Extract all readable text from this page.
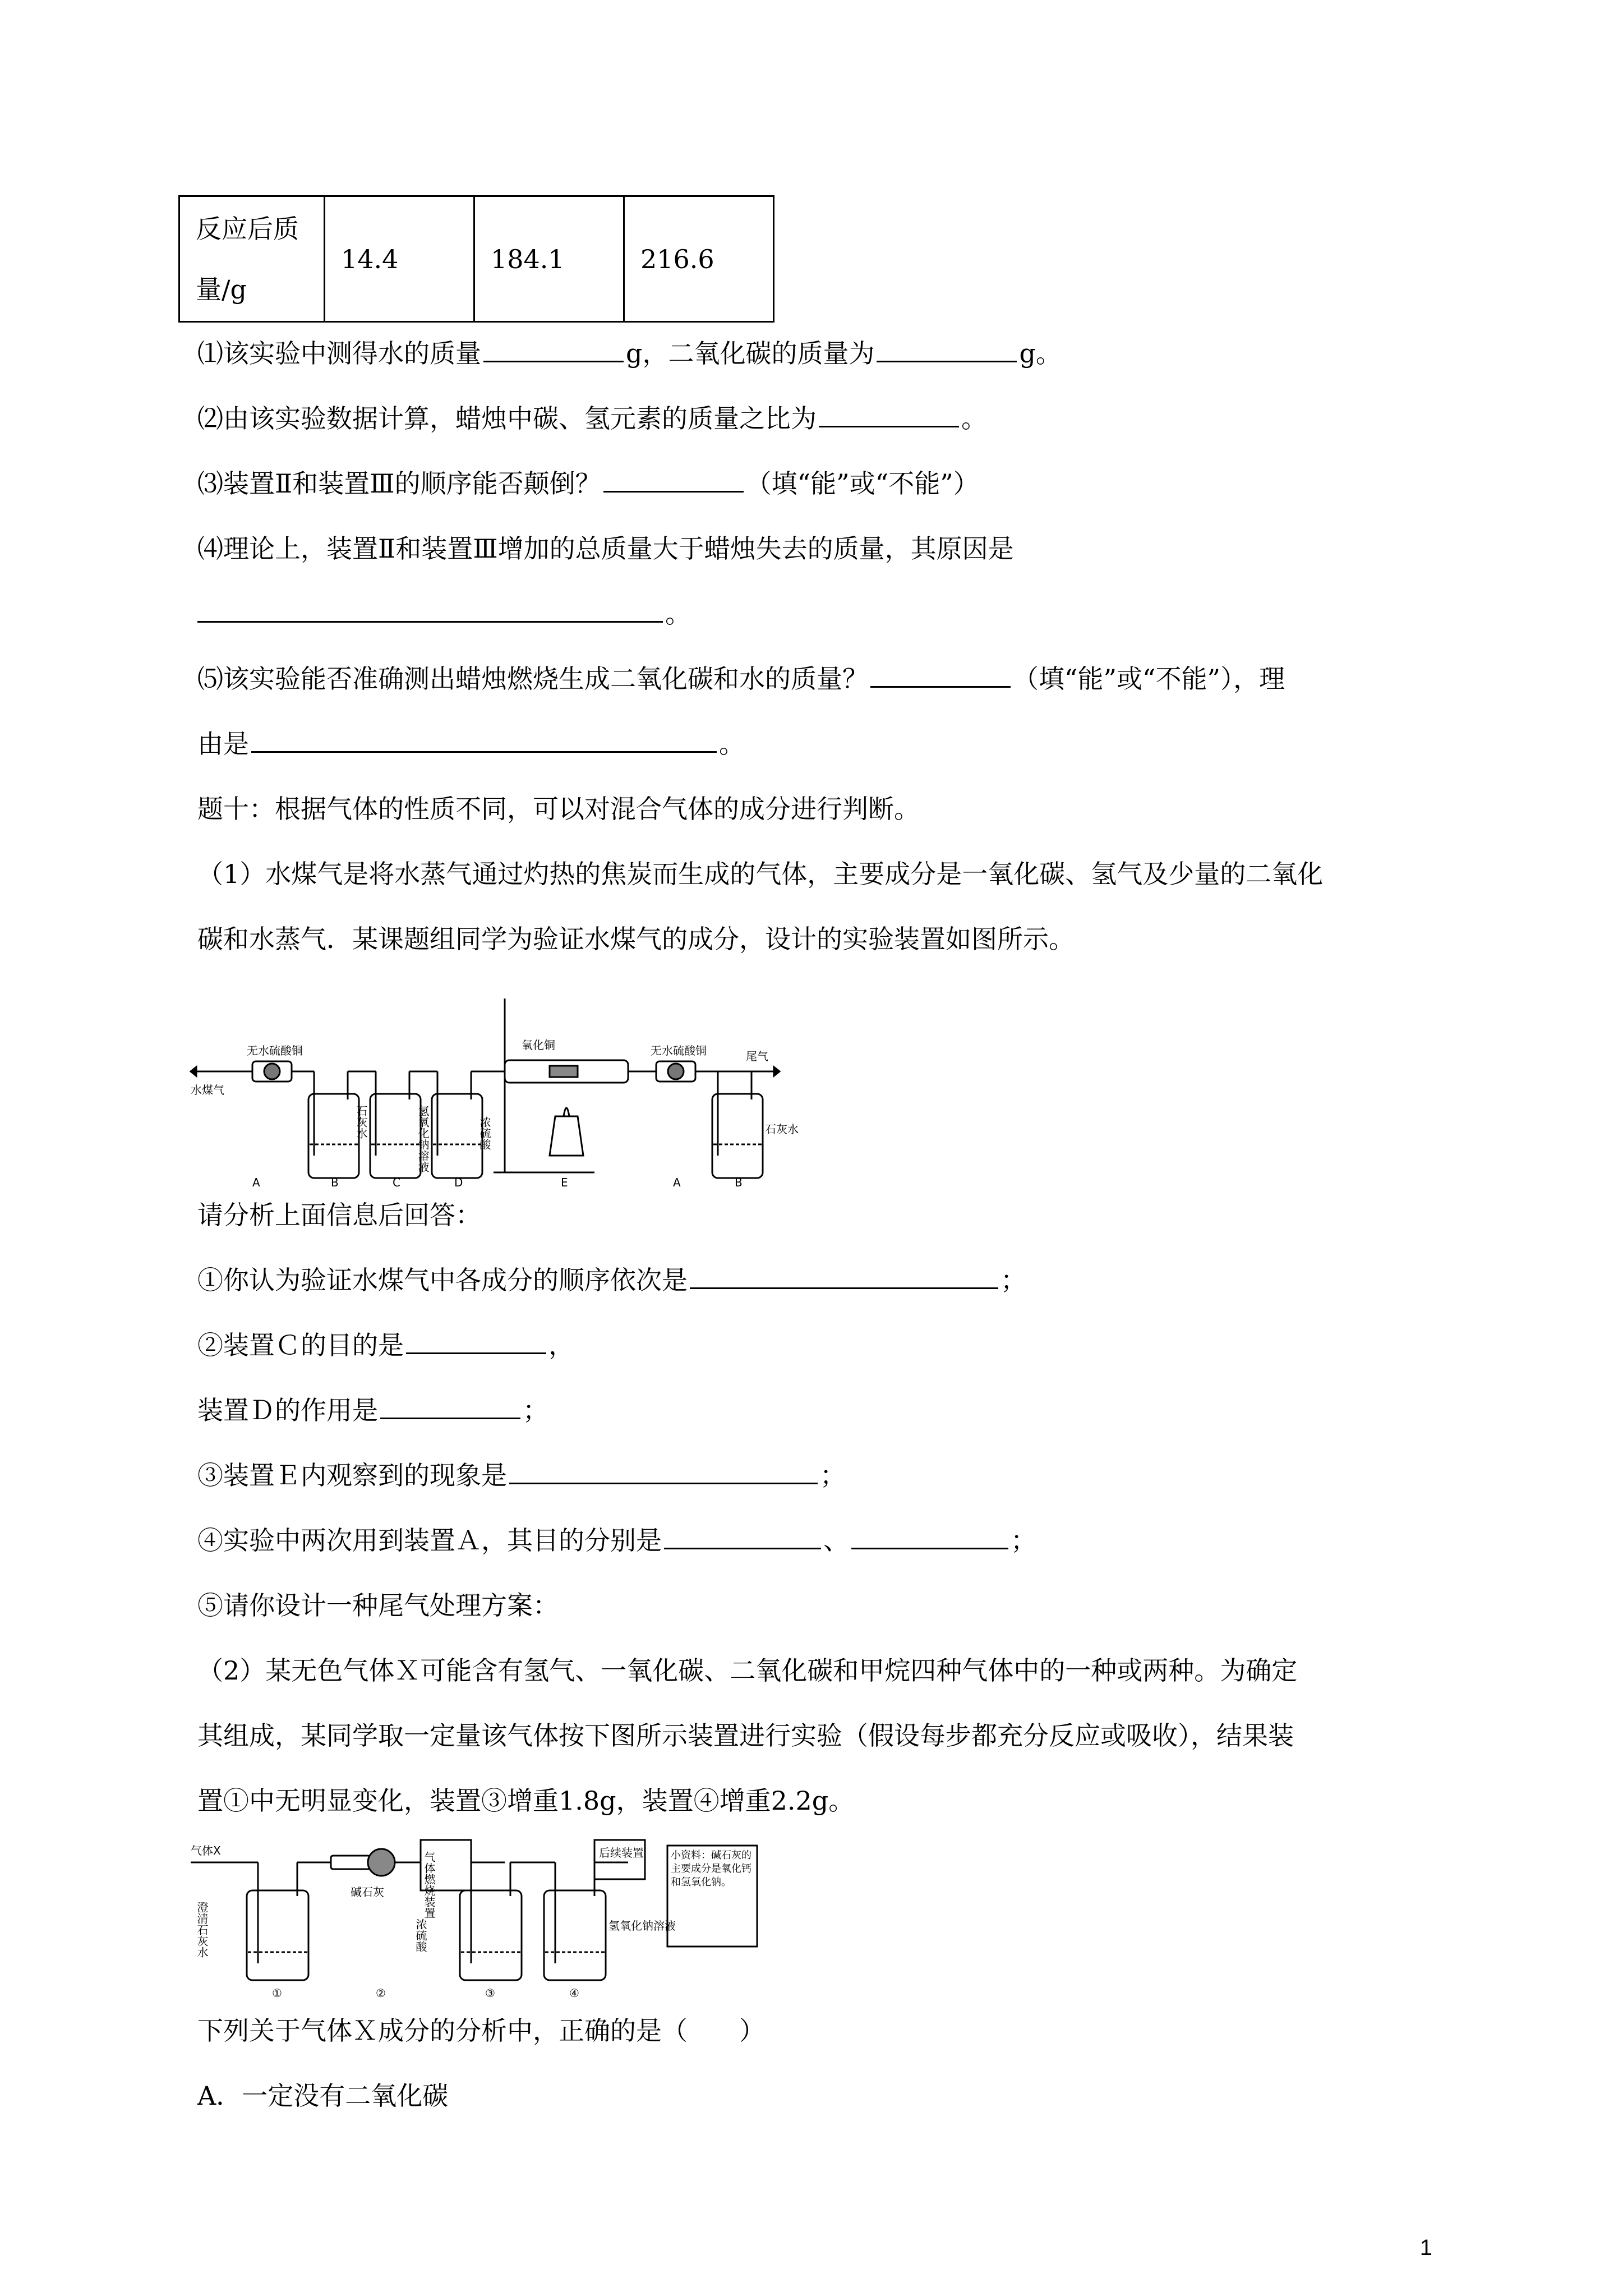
反应后质
量/g	14.4	184.1	216.6
⑴该实验中测得水的质量	g，二氧化碳的质量为	g。
⑵由该实验数据计算，蜡烛中碳、氢元素的质量之比为	。
⑶装置Ⅱ和装置Ⅲ的顺序能否颠倒？	（填“能”或“不能”）
⑷理论上，装置Ⅱ和装置Ⅲ增加的总质量大于蜡烛失去的质量，其原因是
。
⑸该实验能否准确测出蜡烛燃烧生成二氧化碳和水的质量？	（填“能”或“不能”），理
由是	。
题十：根据气体的性质不同，可以对混合气体的成分进行判断。
（1）水煤气是将水蒸气通过灼热的焦炭而生成的气体，主要成分是一氧化碳、氢气及少量的二氧化
碳和水蒸气．某课题组同学为验证水煤气的成分，设计的实验装置如图所示。
水煤气
无水硫酸铜	氧化铜	无水硫酸铜	尾气
石灰水	氢氧化钠溶液	浓硫酸	石灰水
A	B	C	D	E	A	B
请分析上面信息后回答：
①你认为验证水煤气中各成分的顺序依次是	；
②装置Ｃ的目的是	，
装置Ｄ的作用是	；
③装置Ｅ内观察到的现象是	；
④实验中两次用到装置Ａ，其目的分别是	、	；
⑤请你设计一种尾气处理方案：
（2）某无色气体Ｘ可能含有氢气、一氧化碳、二氧化碳和甲烷四种气体中的一种或两种。为确定
其组成，某同学取一定量该气体按下图所示装置进行实验（假设每步都充分反应或吸收），结果装
置①中无明显变化，装置③增重1.8g，装置④增重2.2g。
气体X
澄清石灰水
碱石灰	气体燃烧装置
浓硫酸	氢氧化钠溶液
后续装置	小资料：碱石灰的主要成分是氧化钙和氢氧化钠。
①	②	③	④
下列关于气体Ｘ成分的分析中，正确的是（　　）
A．一定没有二氧化碳
1
